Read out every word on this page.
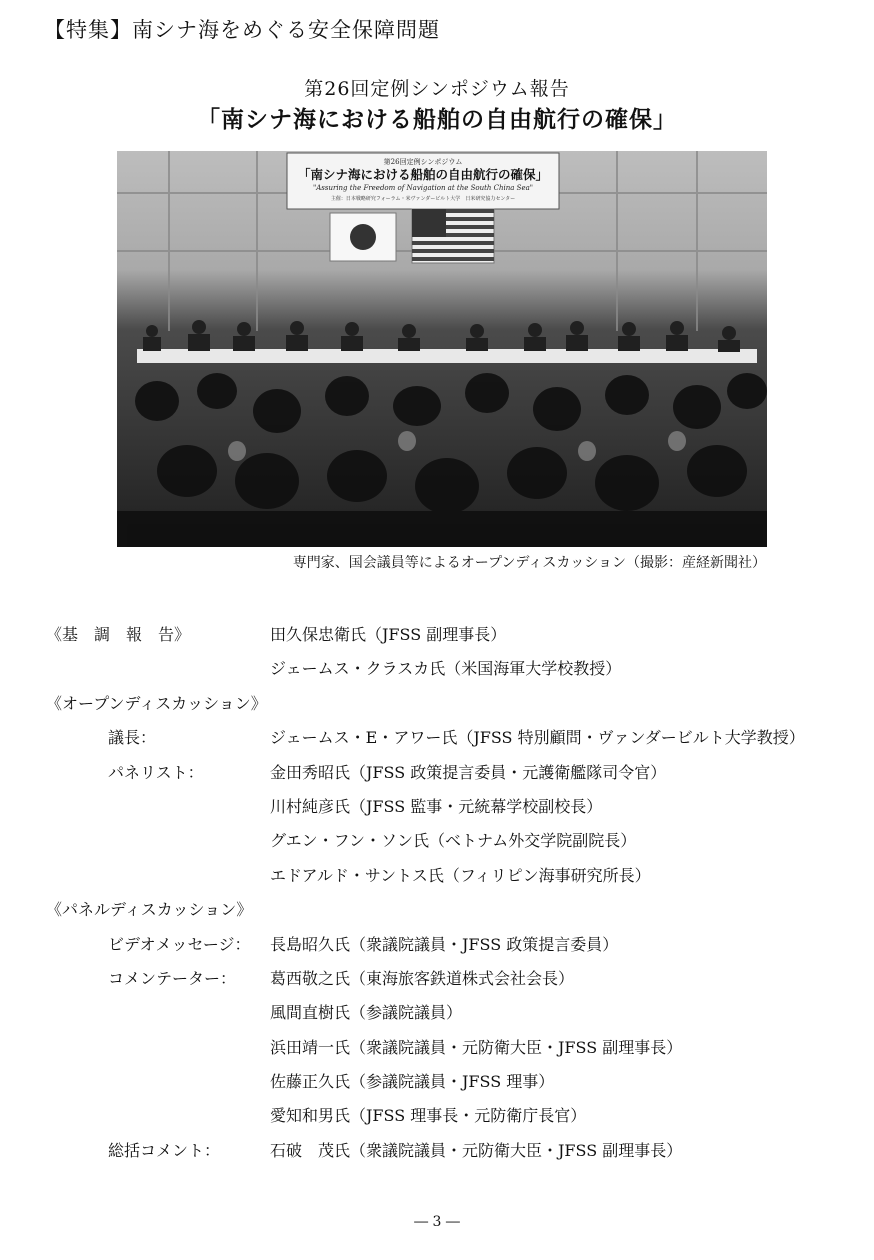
【特集】南シナ海をめぐる安全保障問題
第26回定例シンポジウム報告
「南シナ海における船舶の自由航行の確保」
第26回定例シンポジウム
「南シナ海における船舶の自由航行の確保」
"Assuring the Freedom of Navigation at the South China Sea"
主催：日本戦略研究フォーラム・米ヴァンダービルト大学　日米研究協力センター
専門家、国会議員等によるオープンディスカッション（撮影：産経新聞社）
《基　調　報　告》	田久保忠衛氏（JFSS 副理事長）
ジェームス・クラスカ氏（米国海軍大学校教授）
《オープンディスカッション》
議長：	ジェームス・E・アワー氏（JFSS 特別顧問・ヴァンダービルト大学教授）
パネリスト：	金田秀昭氏（JFSS 政策提言委員・元護衛艦隊司令官）
川村純彦氏（JFSS 監事・元統幕学校副校長）
グエン・フン・ソン氏（ベトナム外交学院副院長）
エドアルド・サントス氏（フィリピン海事研究所長）
《パネルディスカッション》
ビデオメッセージ： 長島昭久氏（衆議院議員・JFSS 政策提言委員）
コメンテーター： 葛西敬之氏（東海旅客鉄道株式会社会長）
風間直樹氏（参議院議員）
浜田靖一氏（衆議院議員・元防衛大臣・JFSS 副理事長）
佐藤正久氏（参議院議員・JFSS 理事）
愛知和男氏（JFSS 理事長・元防衛庁長官）
総括コメント：	石破　茂氏（衆議院議員・元防衛大臣・JFSS 副理事長）
― 3 ―
